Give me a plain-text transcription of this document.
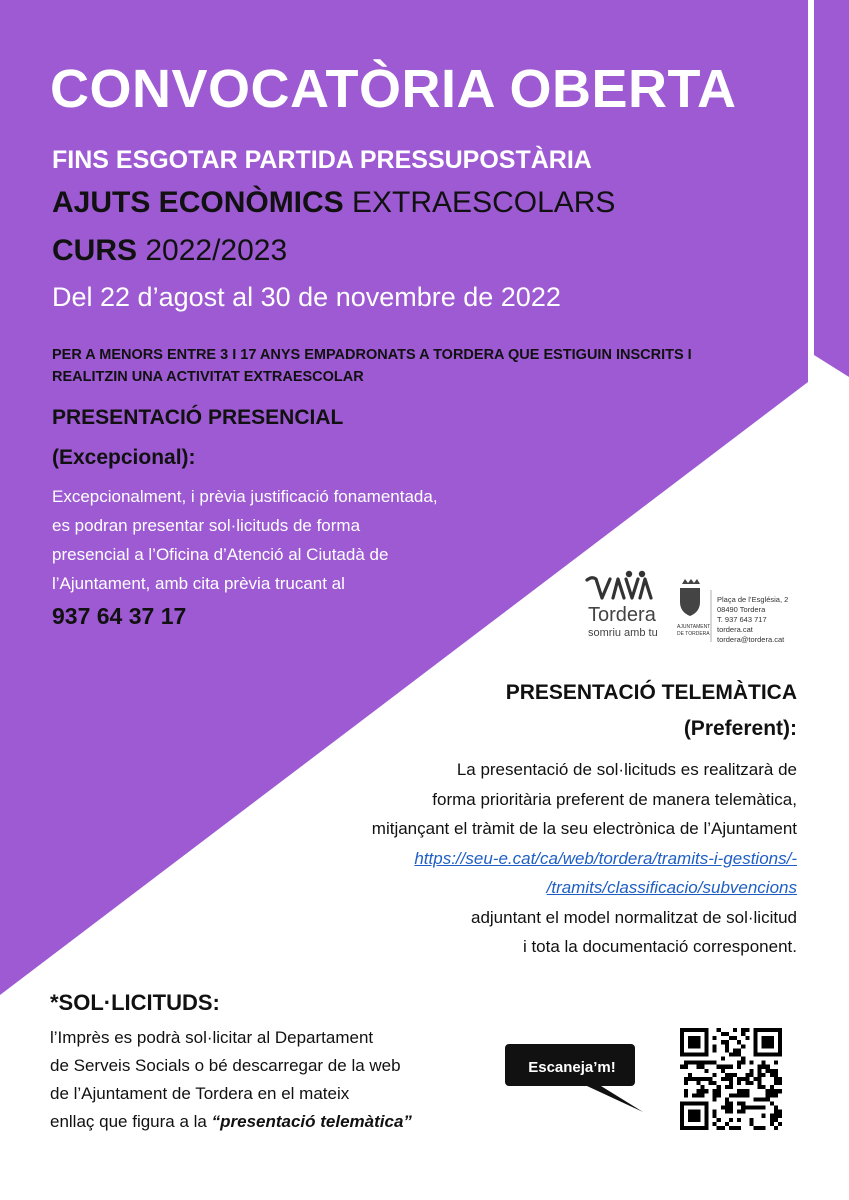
CONVOCATÒRIA OBERTA
FINS ESGOTAR PARTIDA PRESSUPOSTÀRIA
AJUTS ECONÒMICS EXTRAESCOLARS
CURS 2022/2023
Del 22 d’agost al 30 de novembre de 2022
PER A MENORS ENTRE 3 I 17 ANYS EMPADRONATS A TORDERA QUE ESTIGUIN INSCRITS I REALITZIN UNA ACTIVITAT EXTRAESCOLAR
PRESENTACIÓ PRESENCIAL
(Excepcional):
Excepcionalment, i prèvia justificació fonamentada,
es podran presentar sol·licituds de forma
presencial a l’Oficina d’Atenció al Ciutadà de
l’Ajuntament, amb cita prèvia trucant al
937 64 37 17	Tordera
somriu amb tu	AJUNTAMENT
DE TORDERA
Plaça de l’Església, 2
08490 Tordera
T. 937 643 717
tordera.cat
tordera@tordera.cat
PRESENTACIÓ TELEMÀTICA
(Preferent):
La presentació de sol·licituds es realitzarà de
forma prioritària preferent de manera telemàtica,
mitjançant el tràmit de la seu electrònica de l’Ajuntament
https://seu-e.cat/ca/web/tordera/tramits-i-gestions/-
/tramits/classificacio/subvencions
adjuntant el model normalitzat de sol·licitud
i tota la documentació corresponent.
*SOL·LICITUDS:
l’Imprès es podrà sol·licitar al Departament
de Serveis Socials o bé descarregar de la web
de l’Ajuntament de Tordera en el mateix
enllaç que figura a la “presentació telemàtica”
Escaneja’m!
